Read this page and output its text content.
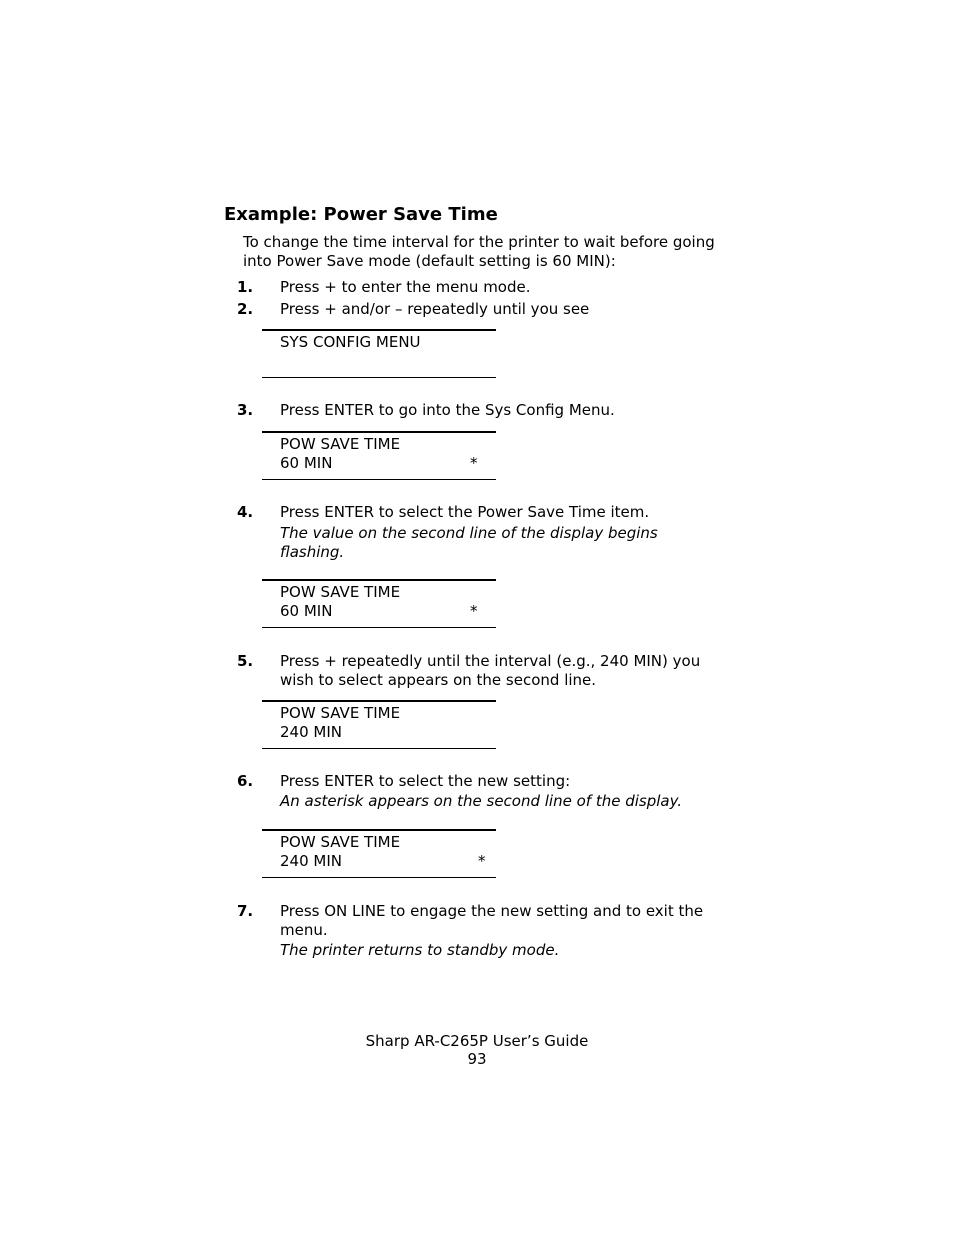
Example: Power Save Time
To change the time interval for the printer to wait before going into Power Save mode (default setting is 60 MIN):
1. Press + to enter the menu mode.
2. Press + and/or – repeatedly until you see
SYS CONFIG MENU
3. Press ENTER to go into the Sys Config Menu.
POW SAVE TIME
60 MIN	*
4. Press ENTER to select the Power Save Time item.
The value on the second line of the display begins flashing.
POW SAVE TIME
60 MIN	*
5. Press + repeatedly until the interval (e.g., 240 MIN) you wish to select appears on the second line.
POW SAVE TIME
240 MIN
6. Press ENTER to select the new setting:
An asterisk appears on the second line of the display.
POW SAVE TIME
240 MIN	*
7. Press ON LINE to engage the new setting and to exit the menu.
The printer returns to standby mode.
Sharp AR-C265P User’s Guide
93
